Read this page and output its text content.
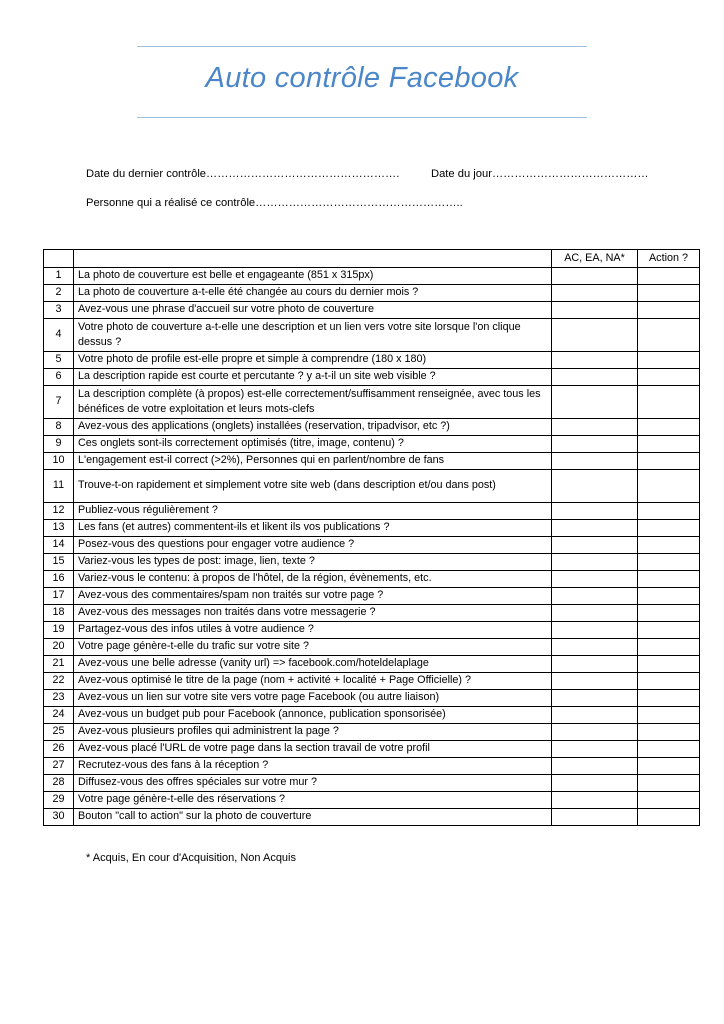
Auto contrôle Facebook
Date du dernier contrôle…………………………………………….	Date du jour……………………………………
Personne qui a réalisé ce contrôle………………………………………………..
		AC, EA, NA*	Action ?
1	La photo de couverture est belle et engageante (851 x 315px)		
2	La photo de couverture a-t-elle été changée au cours du dernier mois ?		
3	Avez-vous une phrase d'accueil sur votre photo de couverture		
4	Votre photo de couverture a-t-elle une description et un lien vers votre site lorsque l'on clique dessus ?		
5	Votre photo de profile est-elle propre et simple à comprendre (180 x 180)		
6	La description rapide est courte et percutante ? y a-t-il un site web visible ?		
7	La description complète (à propos) est-elle correctement/suffisamment renseignée, avec tous les bénéfices de votre exploitation et leurs mots-clefs		
8	Avez-vous des applications (onglets) installées (reservation, tripadvisor, etc ?)		
9	Ces onglets sont-ils correctement optimisés (titre, image, contenu) ?		
10	L'engagement est-il correct (>2%), Personnes qui en parlent/nombre de fans		
11	Trouve-t-on rapidement et simplement votre site web (dans description et/ou dans post)		
12	Publiez-vous régulièrement ?		
13	Les fans (et autres) commentent-ils et likent ils vos publications ?		
14	Posez-vous des questions pour engager votre audience ?		
15	Variez-vous les types de post: image, lien, texte ?		
16	Variez-vous le contenu: à propos de l'hôtel, de la région, évènements, etc.		
17	Avez-vous des commentaires/spam non traités sur votre page ?		
18	Avez-vous des messages non traités dans votre messagerie ?		
19	Partagez-vous des infos utiles à votre audience ?		
20	Votre page génère-t-elle du trafic sur votre site ?		
21	Avez-vous une belle adresse (vanity url) => facebook.com/hoteldelaplage		
22	Avez-vous optimisé le titre de la page (nom + activité + localité + Page Officielle) ?		
23	Avez-vous un lien sur votre site vers votre page Facebook (ou autre liaison)		
24	Avez-vous un budget pub pour Facebook (annonce, publication sponsorisée)		
25	Avez-vous plusieurs profiles qui administrent la page ?		
26	Avez-vous placé l'URL de votre page dans la section travail de votre profil		
27	Recrutez-vous des fans à la réception ?		
28	Diffusez-vous des offres spéciales sur votre mur ?		
29	Votre page génère-t-elle des réservations ?		
30	Bouton "call to action" sur la photo de couverture		
* Acquis, En cour d'Acquisition, Non Acquis
